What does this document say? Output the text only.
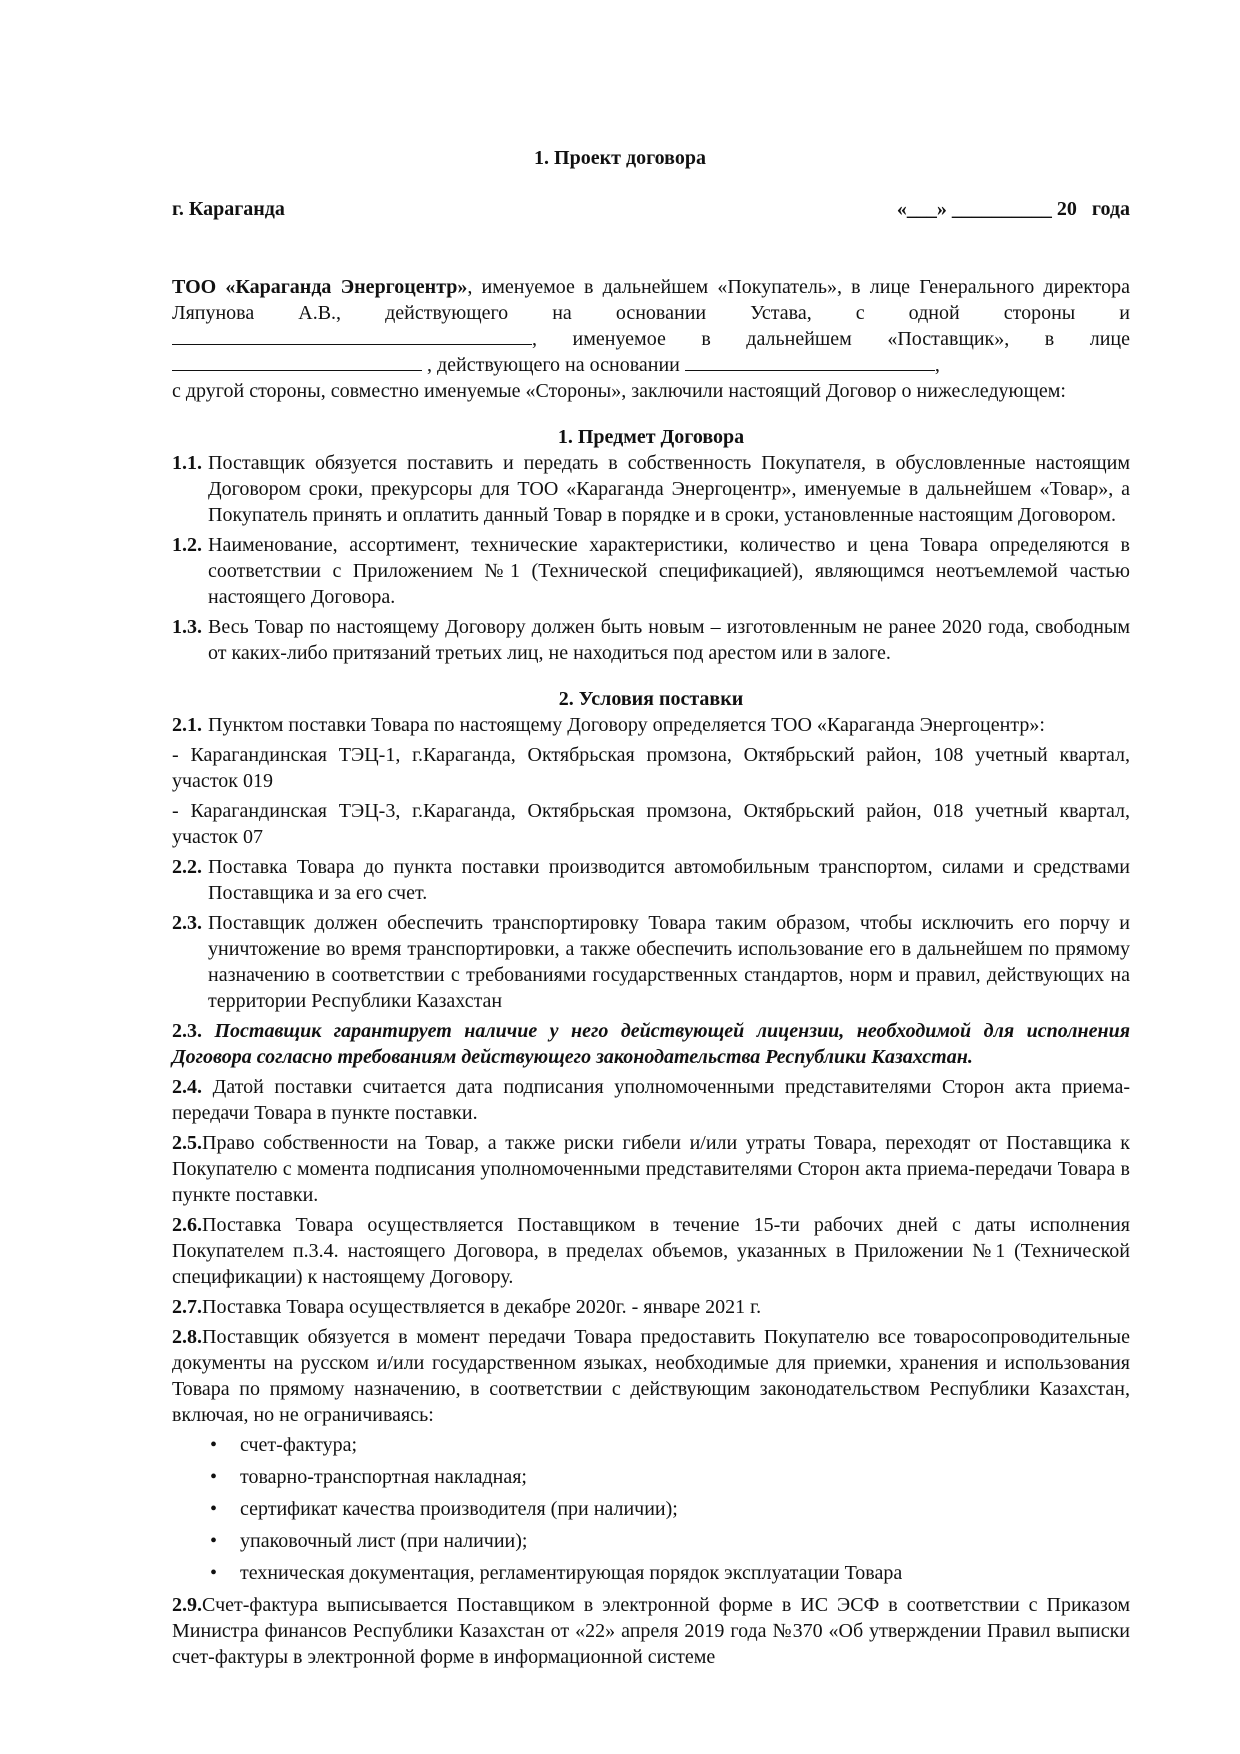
1. Проект договора
г. Караганда	«___» __________ 20   года

ТОО «Караганда Энергоцентр», именуемое в дальнейшем «Покупатель», в лице Генерального директора Ляпунова А.В., действующего на основании Устава, с одной стороны и , именуемое в дальнейшем «Поставщик», в лице  , действующего на основании	,

с другой стороны, совместно именуемые «Стороны», заключили настоящий Договор о нижеследующем:

1. Предмет Договора

1.1. Поставщик обязуется поставить и передать в собственность Покупателя, в обусловленные настоящим Договором сроки, прекурсоры для ТОО «Караганда Энергоцентр», именуемые в дальнейшем «Товар», а Покупатель принять и оплатить данный Товар в порядке и в сроки, установленные настоящим Договором.
1.2. Наименование, ассортимент, технические характеристики, количество и цена Товара определяются в соответствии с Приложением №1 (Технической спецификацией), являющимся неотъемлемой частью настоящего Договора.
1.3. Весь Товар по настоящему Договору должен быть новым – изготовленным не ранее 2020 года, свободным от каких-либо притязаний третьих лиц, не находиться под арестом или в залоге.

2. Условия поставки

2.1. Пунктом поставки Товара по настоящему Договору определяется ТОО «Караганда Энергоцентр»:

- Карагандинская ТЭЦ-1, г.Караганда, Октябрьская промзона, Октябрьский район, 108 учетный квартал, участок 019

- Карагандинская ТЭЦ-3, г.Караганда, Октябрьская промзона, Октябрьский район, 018 учетный квартал, участок 07

2.2. Поставка Товара до пункта поставки производится автомобильным транспортом, силами и средствами Поставщика и за его счет.
2.3. Поставщик должен обеспечить транспортировку Товара таким образом, чтобы исключить его порчу и уничтожение во время транспортировки, а также обеспечить использование его в дальнейшем по прямому назначению в соответствии с требованиями государственных стандартов, норм и правил, действующих на территории Республики Казахстан

2.3. Поставщик гарантирует наличие у него действующей лицензии, необходимой для исполнения Договора согласно требованиям действующего законодательства Республики Казахстан.

2.4. Датой поставки считается дата подписания уполномоченными представителями Сторон акта приема-передачи Товара в пункте поставки.

2.5.Право собственности на Товар, а также риски гибели и/или утраты Товара, переходят от Поставщика к Покупателю с момента подписания уполномоченными представителями Сторон акта приема-передачи Товара в пункте поставки.

2.6.Поставка Товара осуществляется Поставщиком в течение 15-ти рабочих дней с даты исполнения Покупателем п.3.4. настоящего Договора, в пределах объемов, указанных в Приложении №1 (Технической спецификации) к настоящему Договору.

2.7.Поставка Товара осуществляется в декабре 2020г. - январе 2021 г.

2.8.Поставщик обязуется в момент передачи Товара предоставить Покупателю все товаросопроводительные документы на русском и/или государственном языках, необходимые для приемки, хранения и использования Товара по прямому назначению, в соответствии с действующим законодательством Республики Казахстан, включая, но не ограничиваясь:

• счет-фактура;
• товарно-транспортная накладная;
• сертификат качества производителя (при наличии);
• упаковочный лист (при наличии);
• техническая документация, регламентирующая порядок эксплуатации Товара

2.9.Счет-фактура выписывается Поставщиком в электронной форме в ИС ЭСФ в соответствии с Приказом Министра финансов Республики Казахстан от «22» апреля 2019 года №370 «Об утверждении Правил выписки счет-фактуры в электронной форме в информационной системе
